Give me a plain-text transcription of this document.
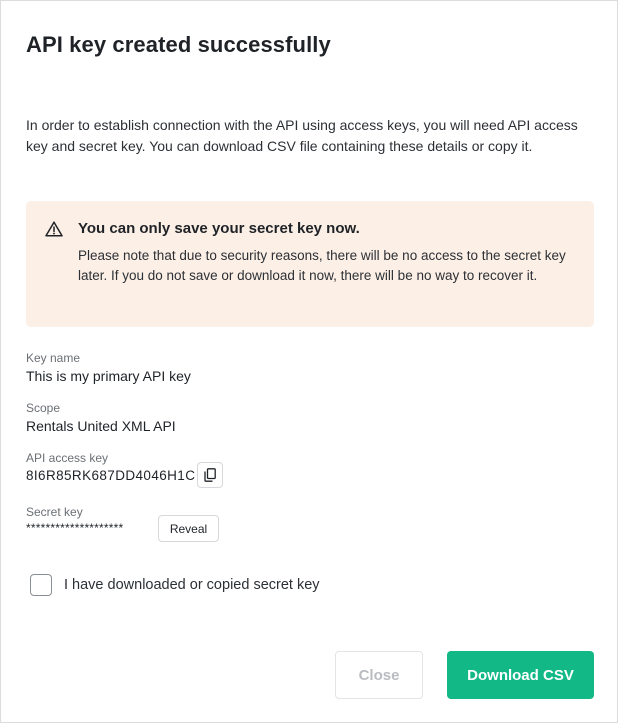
API key created successfully

In order to establish connection with the API using access keys, you will need API access key and secret key. You can download CSV file containing these details or copy it.

You can only save your secret key now.
Please note that due to security reasons, there will be no access to the secret key later. If you do not save or download it now, there will be no way to recover it.
Key name
This is my primary API key
Scope
Rentals United XML API
API access key
8I6R85RK687DD4046H1C
Secret key
********************	Reveal
I have downloaded or copied secret key
Close	Download CSV
